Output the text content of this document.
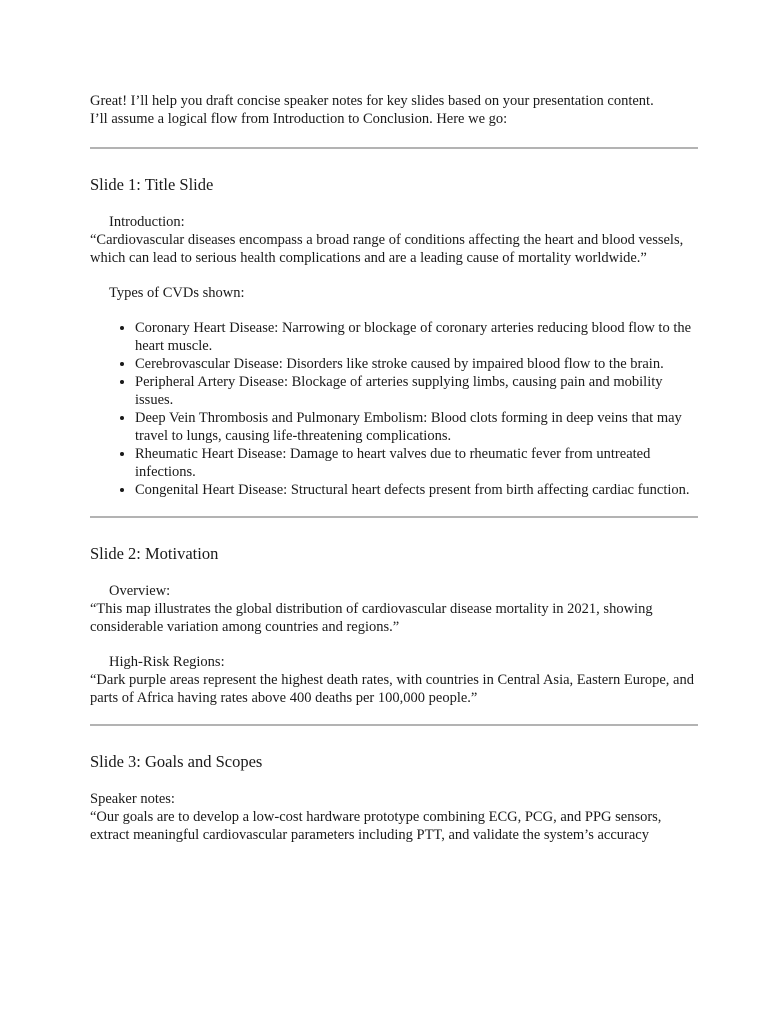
Great! I’ll help you draft concise speaker notes for key slides based on your presentation content.

I’ll assume a logical flow from Introduction to Conclusion. Here we go:

Slide 1: Title Slide

Introduction:

“Cardiovascular diseases encompass a broad range of conditions affecting the heart and blood vessels, which can lead to serious health complications and are a leading cause of mortality worldwide.”

Types of CVDs shown:

• Coronary Heart Disease: Narrowing or blockage of coronary arteries reducing blood flow to the heart muscle.
• Cerebrovascular Disease: Disorders like stroke caused by impaired blood flow to the brain.
• Peripheral Artery Disease: Blockage of arteries supplying limbs, causing pain and mobility issues.
• Deep Vein Thrombosis and Pulmonary Embolism: Blood clots forming in deep veins that may travel to lungs, causing life-threatening complications.
• Rheumatic Heart Disease: Damage to heart valves due to rheumatic fever from untreated infections.
• Congenital Heart Disease: Structural heart defects present from birth affecting cardiac function.
Slide 2: Motivation

Overview:

“This map illustrates the global distribution of cardiovascular disease mortality in 2021, showing considerable variation among countries and regions.”

High-Risk Regions:

“Dark purple areas represent the highest death rates, with countries in Central Asia, Eastern Europe, and parts of Africa having rates above 400 deaths per 100,000 people.”

Slide 3: Goals and Scopes

Speaker notes:

“Our goals are to develop a low-cost hardware prototype combining ECG, PCG, and PPG sensors, extract meaningful cardiovascular parameters including PTT, and validate the system’s accuracy
